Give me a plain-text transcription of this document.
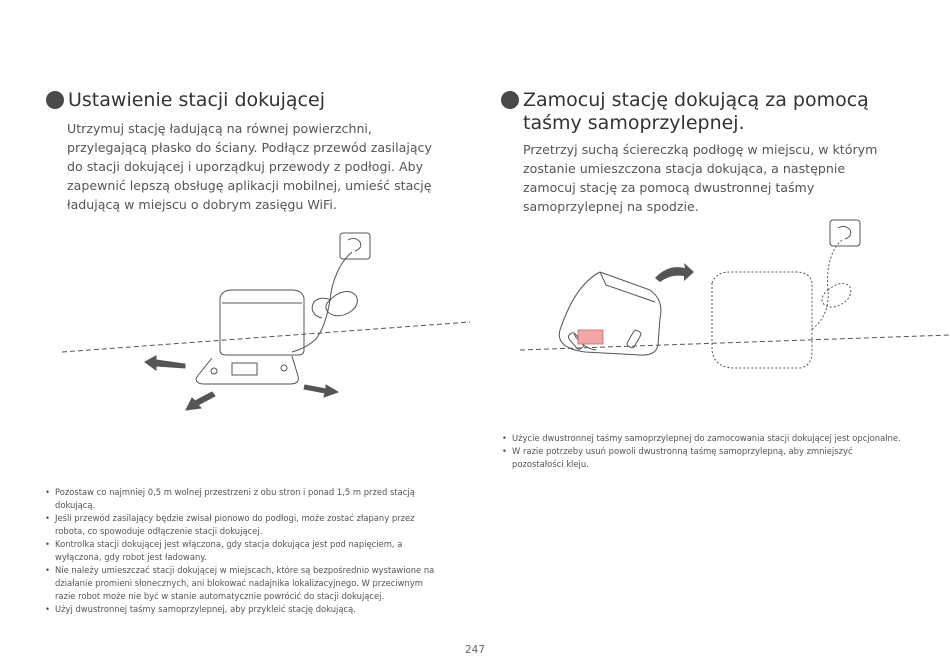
Ustawienie stacji dokującej
Utrzymuj stację ładującą na równej powierzchni, przylegającą płasko do ściany. Podłącz przewód zasilający do stacji dokującej i uporządkuj przewody z podłogi. Aby zapewnić lepszą obsługę aplikacji mobilnej, umieść stację ładującą w miejscu o dobrym zasięgu WiFi.
• Pozostaw co najmniej 0,5 m wolnej przestrzeni z obu stron i ponad 1,5 m przed stacją dokującą.
• Jeśli przewód zasilający będzie zwisał pionowo do podłogi, może zostać złapany przez robota, co spowoduje odłączenie stacji dokującej.
• Kontrolka stacji dokującej jest włączona, gdy stacja dokująca jest pod napięciem, a wyłączona, gdy robot jest ładowany.
• Nie należy umieszczać stacji dokującej w miejscach, które są bezpośrednio wystawione na działanie promieni słonecznych, ani blokować nadajnika lokalizacyjnego. W przeciwnym razie robot może nie być w stanie automatycznie powrócić do stacji dokującej.
• Użyj dwustronnej taśmy samoprzylepnej, aby przykleić stację dokującą.
Zamocuj stację dokującą za pomocą taśmy samoprzylepnej.
Przetrzyj suchą ściereczką podłogę w miejscu, w którym zostanie umieszczona stacja dokująca, a następnie zamocuj stację za pomocą dwustronnej taśmy samoprzylepnej na spodzie.
• Użycie dwustronnej taśmy samoprzylepnej do zamocowania stacji dokującej jest opcjonalne.
• W razie potrzeby usuń powoli dwustronną taśmę samoprzylepną, aby zmniejszyć pozostałości kleju.
247
